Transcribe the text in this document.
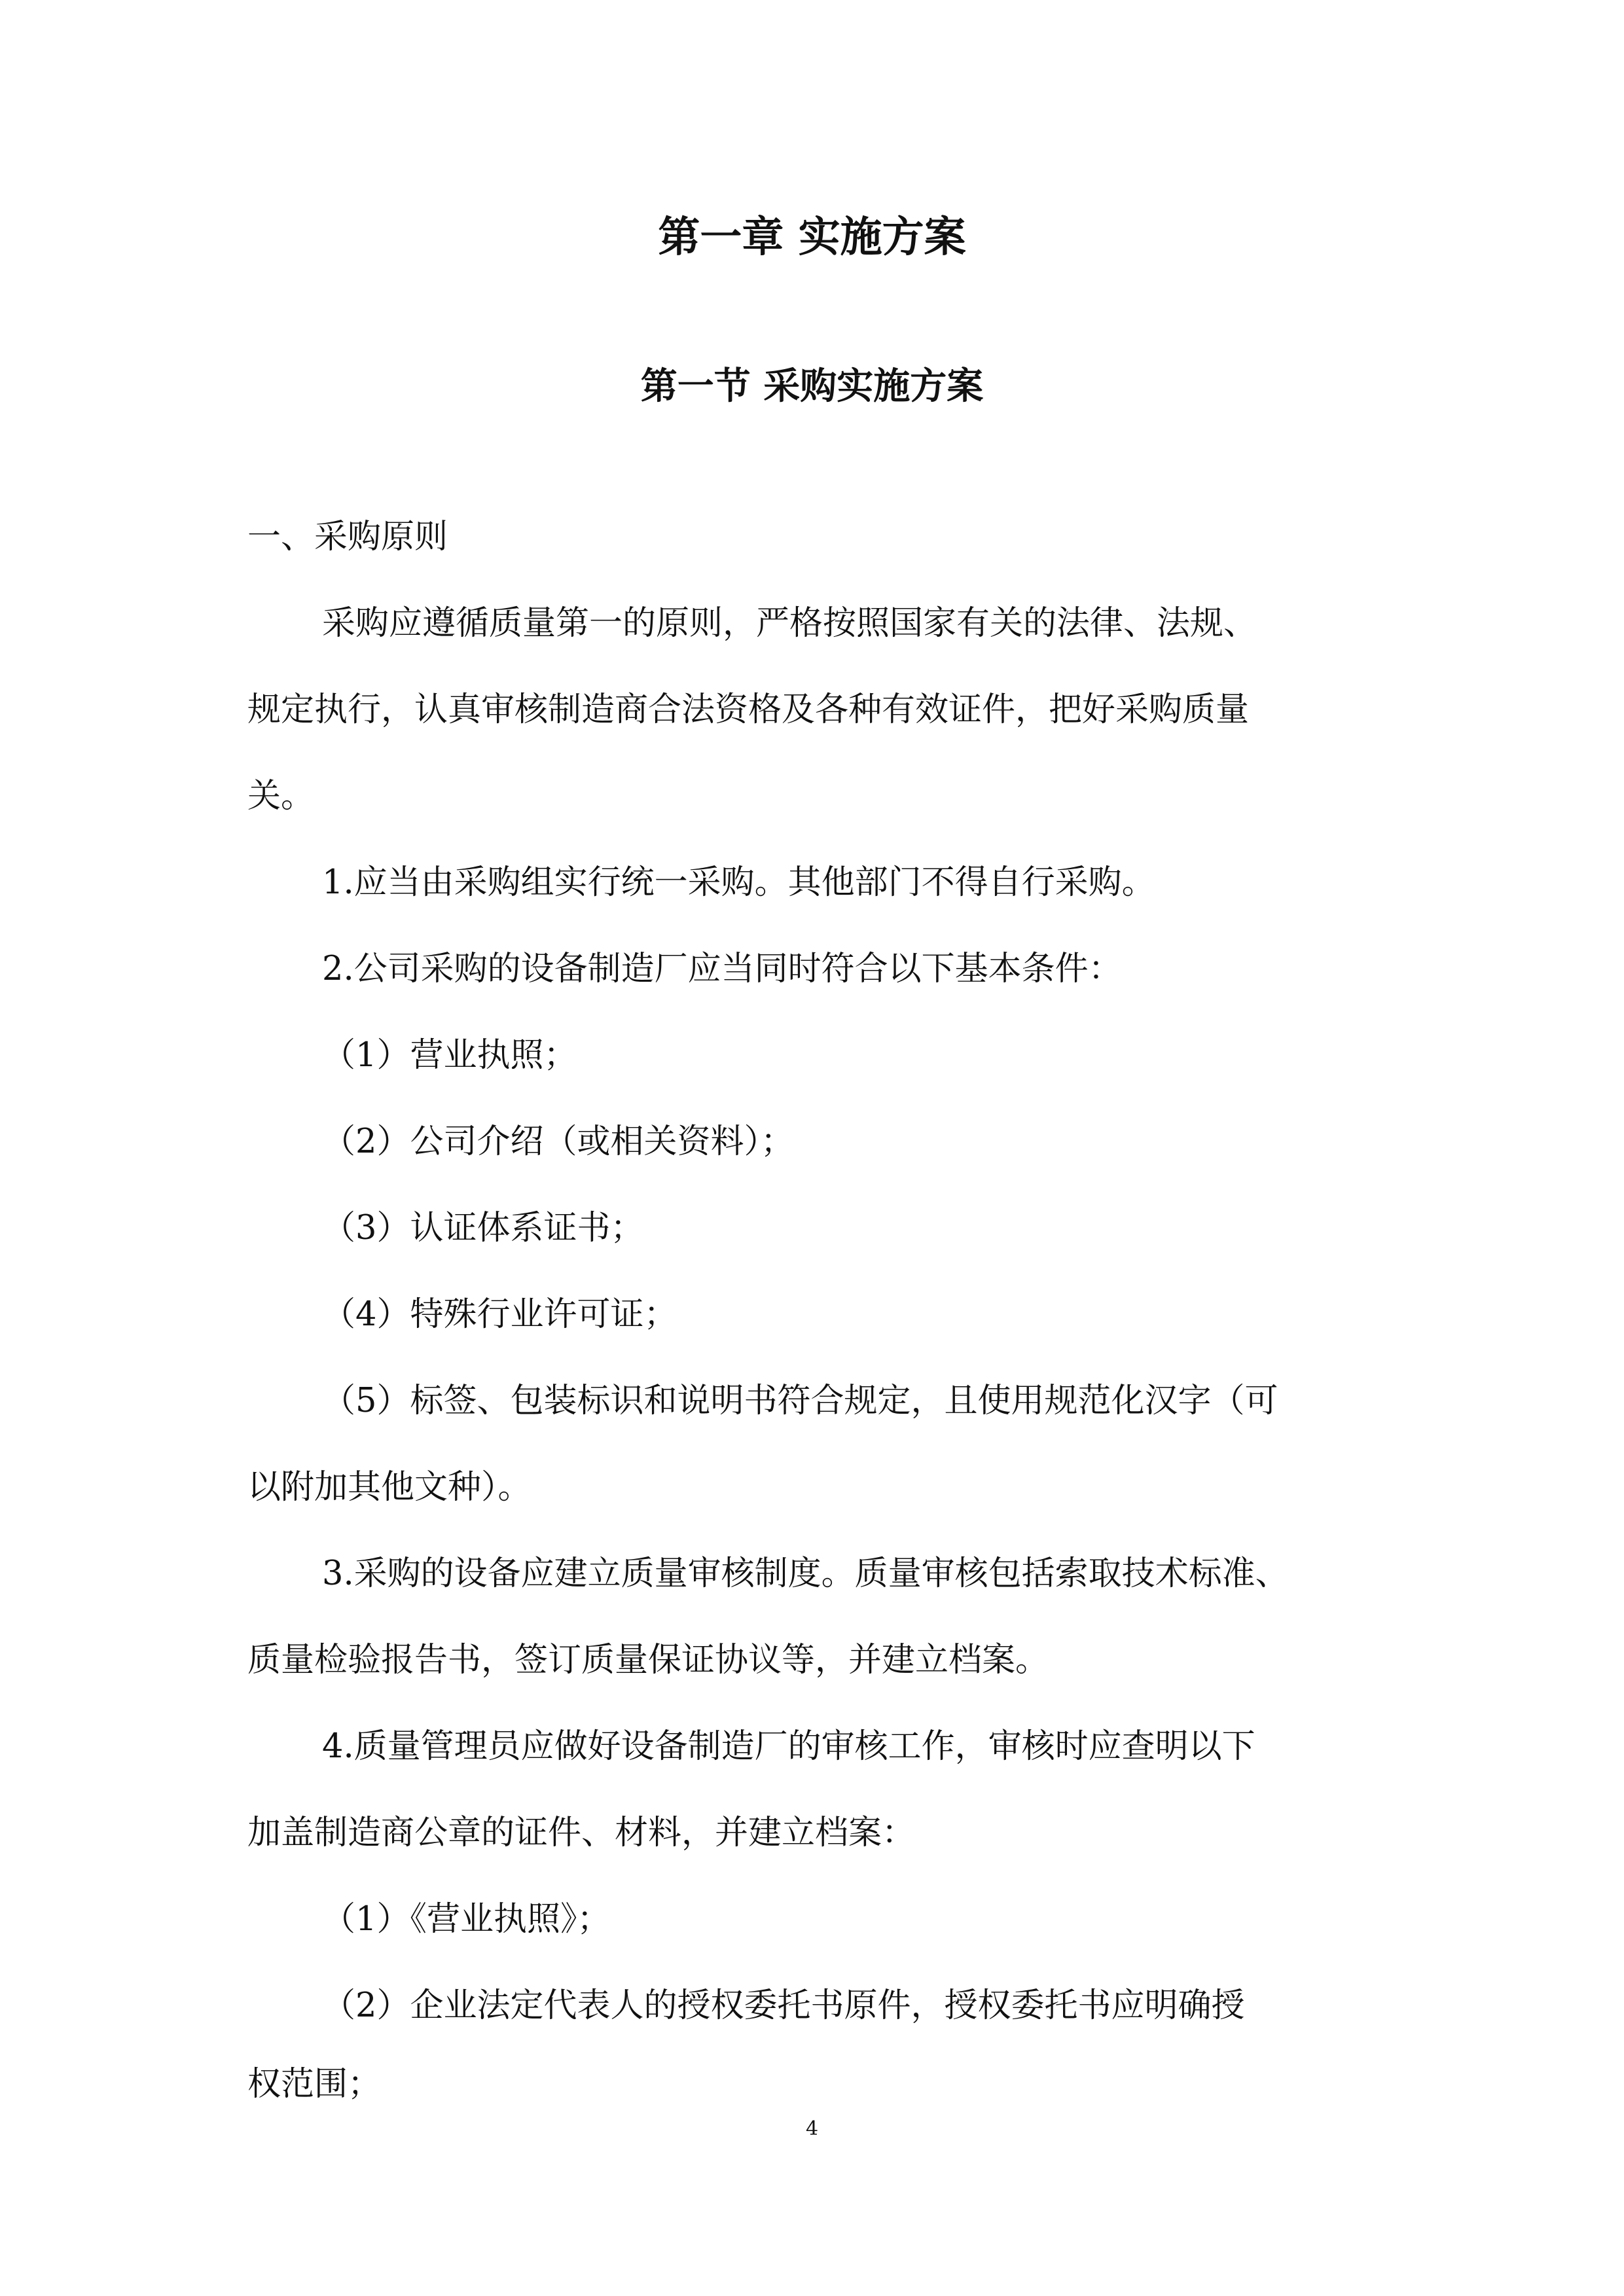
第一章 实施方案
第一节 采购实施方案
一、采购原则
采购应遵循质量第一的原则，严格按照国家有关的法律、法规、
规定执行，认真审核制造商合法资格及各种有效证件，把好采购质量
关。
1.应当由采购组实行统一采购。其他部门不得自行采购。
2.公司采购的设备制造厂应当同时符合以下基本条件：
（1）营业执照；
（2）公司介绍（或相关资料）；
（3）认证体系证书；
（4）特殊行业许可证；
（5）标签、包装标识和说明书符合规定，且使用规范化汉字（可
以附加其他文种）。
3.采购的设备应建立质量审核制度。质量审核包括索取技术标准、
质量检验报告书，签订质量保证协议等，并建立档案。
4.质量管理员应做好设备制造厂的审核工作，审核时应查明以下
加盖制造商公章的证件、材料，并建立档案：
（1）《营业执照》；
（2）企业法定代表人的授权委托书原件，授权委托书应明确授
权范围；
4
